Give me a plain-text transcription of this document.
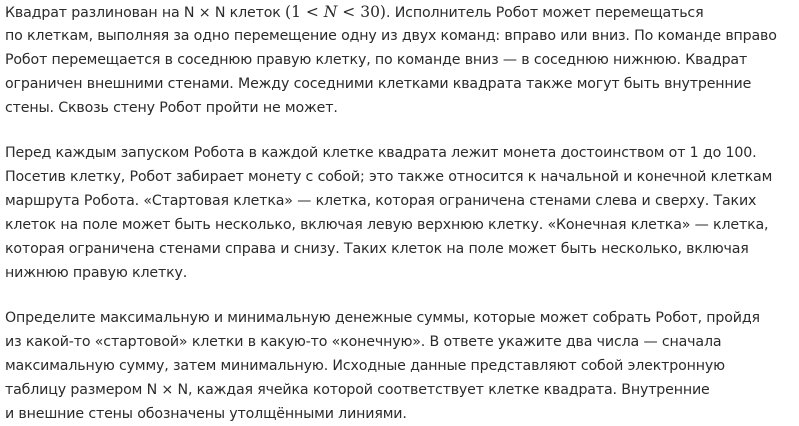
Квадрат разлинован на N × N клеток (1 < N < 30). Исполнитель Робот может перемещаться
по клеткам, выполняя за одно перемещение одну из двух команд: вправо или вниз. По команде вправо
Робот перемещается в соседнюю правую клетку, по команде вниз — в соседнюю нижнюю. Квадрат
ограничен внешними стенами. Между соседними клетками квадрата также могут быть внутренние
стены. Сквозь стену Робот пройти не может.
Перед каждым запуском Робота в каждой клетке квадрата лежит монета достоинством от 1 до 100.
Посетив клетку, Робот забирает монету с собой; это также относится к начальной и конечной клеткам
маршрута Робота. «Стартовая клетка» — клетка, которая ограничена стенами слева и сверху. Таких
клеток на поле может быть несколько, включая левую верхнюю клетку. «Конечная клетка» — клетка,
которая ограничена стенами справа и снизу. Таких клеток на поле может быть несколько, включая
нижнюю правую клетку.
Определите максимальную и минимальную денежные суммы, которые может собрать Робот, пройдя
из какой-то «стартовой» клетки в какую-то «конечную». В ответе укажите два числа — сначала
максимальную сумму, затем минимальную. Исходные данные представляют собой электронную
таблицу размером N × N, каждая ячейка которой соответствует клетке квадрата. Внутренние
и внешние стены обозначены утолщёнными линиями.
